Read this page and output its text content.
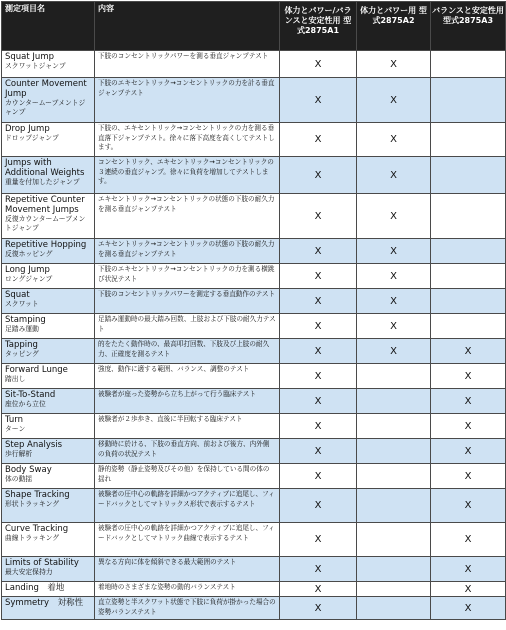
測定項目名	内容	体力とパワー/バランスと安定性用 型式2875A1	体力とパワー用 型式2875A2	バランスと安定性用 型式2875A3

Squat Jump
スクワットジャンプ	下肢のコンセントリックパワーを測る垂直ジャンプテスト	X	X	

Counter Movement Jump
カウンタームーブメントジャンプ	下肢のエキセントリック→コンセントリックの力を計る垂直ジャンプテスト	X	X	

Drop Jump
ドロップジャンプ	下肢の、エキセントリック→コンセントリックの力を測る垂直落下ジャンプテスト。徐々に落下高度を高くしてテストします。	X	X	

Jumps with Additional Weights
重量を付加したジャンプ	コンセントリック、エキセントリック→コンセントリックの３連続の垂直ジャンプ。徐々に負荷を増加してテストします。	X	X	

Repetitive Counter Movement Jumps
反復カウンタームーブメントジャンプ	エキセントリック→コンセントリックの状態の下肢の耐久力を測る垂直ジャンプテスト	X	X	

Repetitive Hopping
反復ホッピング	エキセントリック→コンセントリックの状態の下肢の耐久力を測る垂直ジャンプテスト	X	X	

Long Jump
ロングジャンプ	下肢のエキセントリック→コンセントリックの力を測る横跳び状況テスト	X	X	

Squat
スクワット	下肢のコンセントリックパワーを測定する垂直動作のテスト	X	X	

Stamping
足踏み運動	足踏み運動時の最大踏み回数、上肢および下肢の耐久力テスト	X	X	

Tapping
タッピング	的をたたく動作時の、最高叩打回数、下肢及び上肢の耐久力、正確度を測るテスト	X	X	X

Forward Lunge
踏出し	強度、動作に適する範囲、バランス、調整のテスト	X		X

Sit-To-Stand
座位から立位	被験者が座った姿勢から立ち上がって行う臨床テスト	X		X

Turn
ターン	被験者が２歩歩き、直後に半回転する臨床テスト	X		X

Step Analysis
歩行解析	移動時に於ける、下肢の垂直方向、前および後方、内外側の負荷の状況テスト	X		X

Body Sway
体の動揺	静的姿勢（静止姿勢及びその他）を保持している間の体の揺れ	X		X

Shape Tracking
形状トラッキング	被験者の圧中心の軌跡を詳細かつアクティブに追尾し、フィードバックとしてマトリックス形状で表示するテスト	X		X

Curve Tracking
曲線トラッキング	被験者の圧中心の軌跡を詳細かつアクティブに追尾し、フィードバックとしてマトリック曲線で表示するテスト	X		X

Limits of Stability
最大安定保持力	異なる方向に体を傾斜できる最大範囲のテスト	X		X

Landing　着地	着地時のさまざまな姿勢の動的バランステスト	X		X

Symmetry　対称性	直立姿勢と半スクワット状態で下肢に負荷が掛かった場合の姿勢バランステスト	X		X
